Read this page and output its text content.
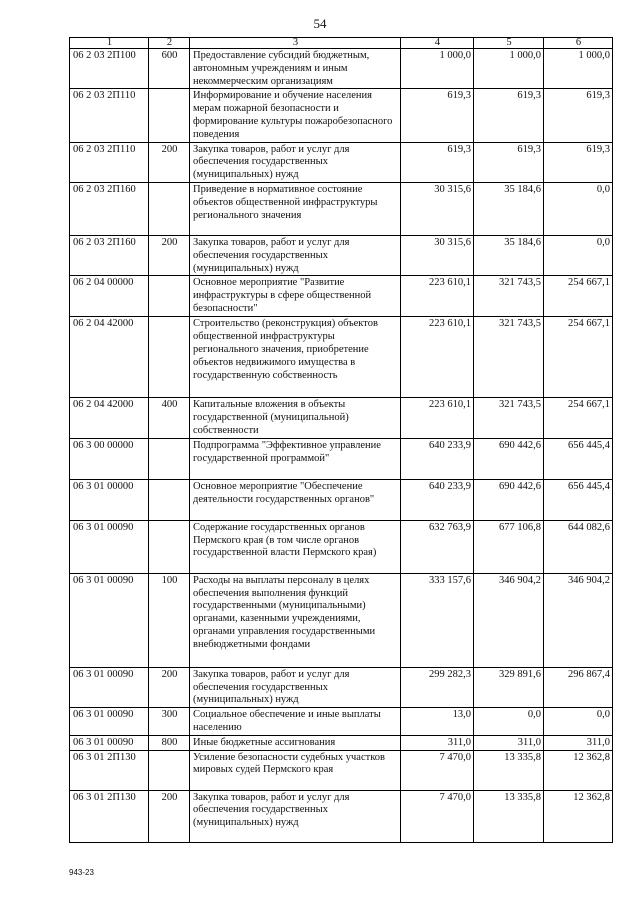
54
1	2	3	4	5	6
06 2 03 2П100	600	Предоставление субсидий бюджетным, автономным учреждениям и иным некоммерческим организациям	1 000,0	1 000,0	1 000,0
06 2 03 2П110		Информирование и обучение населения мерам пожарной безопасности и формирование культуры пожаробезопасного поведения	619,3	619,3	619,3
06 2 03 2П110	200	Закупка товаров, работ и услуг для обеспечения государственных (муниципальных) нужд	619,3	619,3	619,3
06 2 03 2П160		Приведение в нормативное состояние объектов общественной инфраструктуры регионального значения	30 315,6	35 184,6	0,0
06 2 03 2П160	200	Закупка товаров, работ и услуг для обеспечения государственных (муниципальных) нужд	30 315,6	35 184,6	0,0
06 2 04 00000		Основное мероприятие "Развитие инфраструктуры в сфере общественной безопасности"	223 610,1	321 743,5	254 667,1
06 2 04 42000		Строительство (реконструкция) объектов общественной инфраструктуры регионального значения, приобретение объектов недвижимого имущества в государственную собственность	223 610,1	321 743,5	254 667,1
06 2 04 42000	400	Капитальные вложения в объекты государственной (муниципальной) собственности	223 610,1	321 743,5	254 667,1
06 3 00 00000		Подпрограмма "Эффективное управление государственной программой"	640 233,9	690 442,6	656 445,4
06 3 01 00000		Основное мероприятие "Обеспечение деятельности государственных органов"	640 233,9	690 442,6	656 445,4
06 3 01 00090		Содержание государственных органов Пермского края (в том числе органов государственной власти Пермского края)	632 763,9	677 106,8	644 082,6
06 3 01 00090	100	Расходы на выплаты персоналу в целях обеспечения выполнения функций государственными (муниципальными) органами, казенными учреждениями, органами управления государственными внебюджетными фондами	333 157,6	346 904,2	346 904,2
06 3 01 00090	200	Закупка товаров, работ и услуг для обеспечения государственных (муниципальных) нужд	299 282,3	329 891,6	296 867,4
06 3 01 00090	300	Социальное обеспечение и иные выплаты населению	13,0	0,0	0,0
06 3 01 00090	800	Иные бюджетные ассигнования	311,0	311,0	311,0
06 3 01 2П130		Усиление безопасности судебных участков мировых судей Пермского края	7 470,0	13 335,8	12 362,8
06 3 01 2П130	200	Закупка товаров, работ и услуг для обеспечения государственных (муниципальных) нужд	7 470,0	13 335,8	12 362,8
943-23
